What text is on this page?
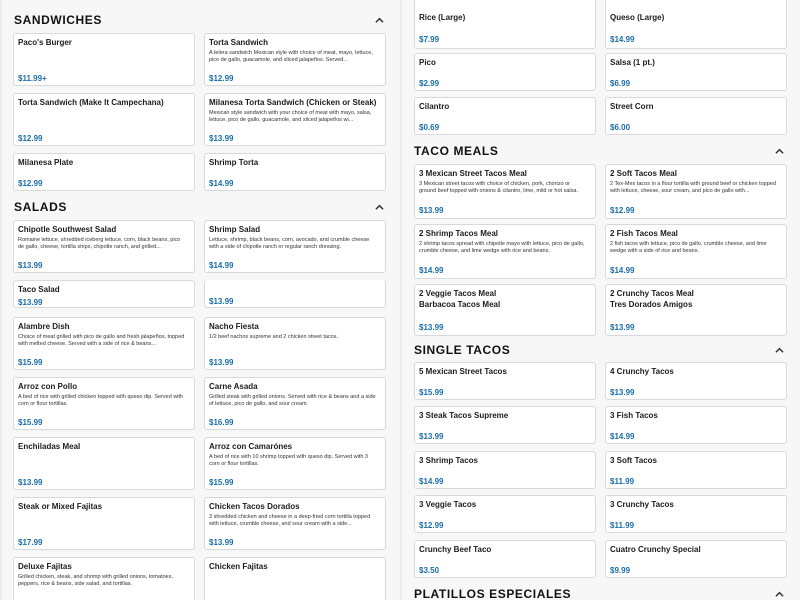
SANDWICHES
Paco's Burger
$11.99+
Torta Sandwich
A telera sandwich Mexican style with choice of meat, mayo, lettuce, pico de gallo, guacamole, and sliced jalapeños. Served...
$12.99
Torta Sandwich (Make It Campechana)
$12.99
Milanesa Torta Sandwich (Chicken or Steak)
Mexican style sandwich with your choice of meat with mayo, salsa, lettuce, pico de gallo, guacamole, and sliced jalapeños wi...
$13.99
Milanesa Plate
$12.99
Shrimp Torta
$14.99
SALADS
Chipotle Southwest Salad
Romaine lettuce, shredded iceberg lettuce, corn, black beans, pico de gallo, cheese, tortilla strips, chipotle ranch, and grilled...
$13.99
Shrimp Salad
Lettuce, shrimp, black beans, corn, avocado, and crumble cheese with a side of chipotle ranch or regular ranch dressing.
$14.99
Taco Salad
$13.99	$13.99
Alambre Dish
Choice of meat grilled with pico de gallo and fresh jalapeños, topped with melted cheese. Served with a side of rice & beans...
$15.99
Nacho Fiesta
1/2 beef nachos supreme and 2 chicken street tacos.
$13.99
Arroz con Pollo
A bed of rice with grilled chicken topped with queso dip. Served with corn or flour tortillas.
$15.99
Carne Asada
Grilled steak with grilled onions. Served with rice & beans and a side of lettuce, pico de gallo, and sour cream.
$16.99
Enchiladas Meal
$13.99
Arroz con Camarónes
A bed of rice with 10 shrimp topped with queso dip. Served with 3 corn or flour tortillas.
$15.99
Steak or Mixed Fajitas
$17.99
Chicken Tacos Dorados
3 shredded chicken and cheese in a deep-fried corn tortilla topped with lettuce, crumble cheese, and sour cream with a side...
$13.99
Deluxe Fajitas
Grilled chicken, steak, and shrimp with grilled onions, tomatoes, peppers, rice & beans, side salad, and tortillas.
Chicken Fajitas
Rice (Large)
$7.99
Queso (Large)
$14.99
Pico
$2.99
Salsa (1 pt.)
$6.99
Cilantro
$0.69
Street Corn
$6.00
TACO MEALS
3 Mexican Street Tacos Meal
3 Mexican street tacos with choice of chicken, pork, chorizo or ground beef topped with onions & cilantro, lime, mild or hot salsa.
$13.99
2 Soft Tacos Meal
2 Tex-Mex tacos in a flour tortilla with ground beef or chicken topped with lettuce, cheese, sour cream, and pico de gallo with...
$12.99
2 Shrimp Tacos Meal
2 shrimp tacos spread with chipotle mayo with lettuce, pico de gallo, crumble cheese, and lime wedge with rice and beans.
$14.99
2 Fish Tacos Meal
2 fish tacos with lettuce, pico de gallo, crumble cheese, and lime wedge with a side of rice and beans.
$14.99
2 Veggie Tacos Meal
Barbacoa Tacos Meal
$13.99
2 Crunchy Tacos Meal
Tres Dorados Amigos
$13.99
SINGLE TACOS
5 Mexican Street Tacos
$15.99
4 Crunchy Tacos
$13.99
3 Steak Tacos Supreme
$13.99
3 Fish Tacos
$14.99
3 Shrimp Tacos
$14.99
3 Soft Tacos
$11.99
3 Veggie Tacos
$12.99
3 Crunchy Tacos
$11.99
Crunchy Beef Taco
$3.50
Cuatro Crunchy Special
$9.99
PLATILLOS ESPECIALES
